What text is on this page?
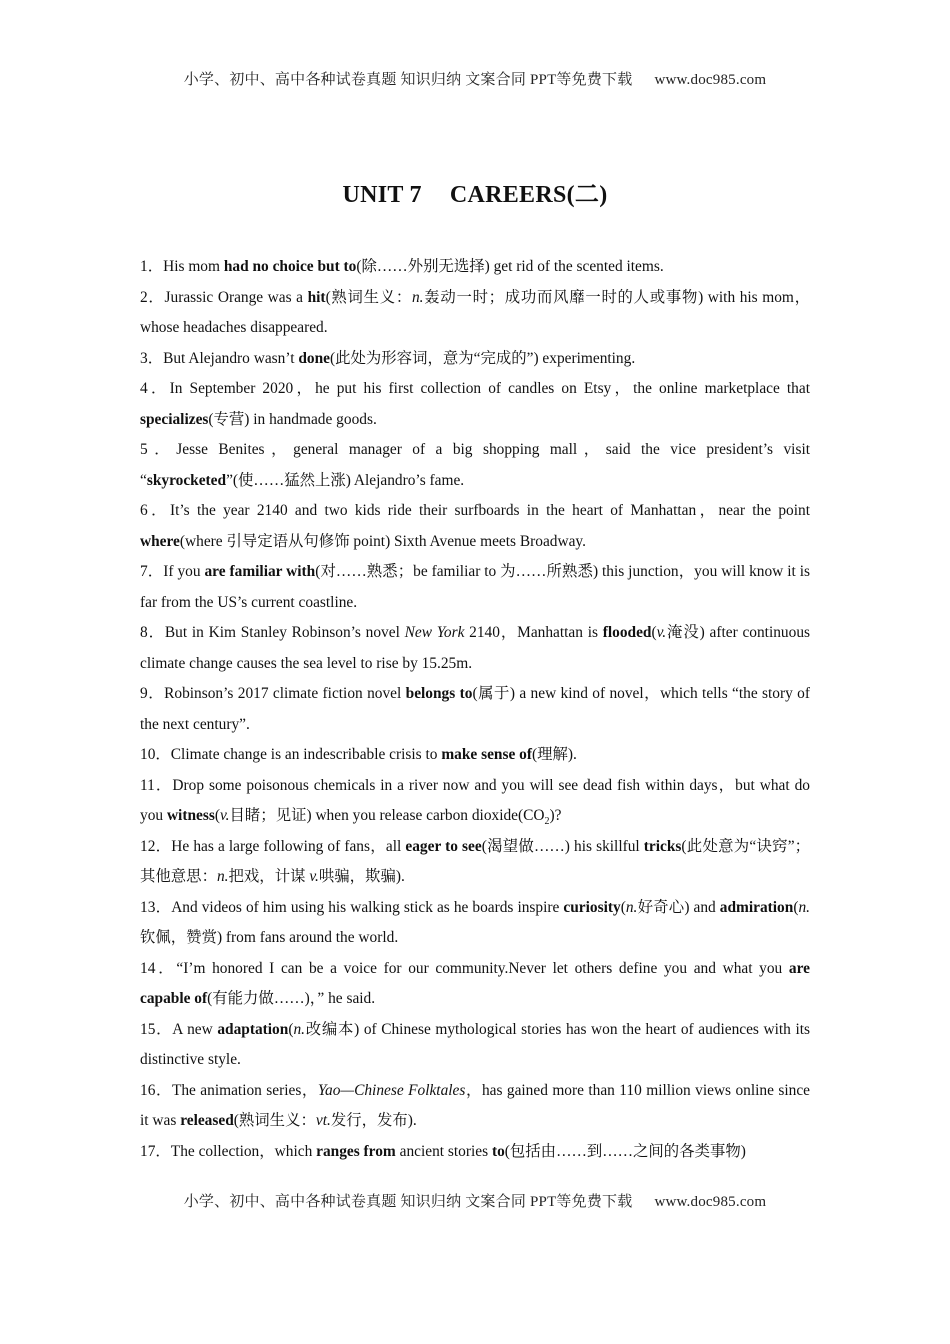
小学、初中、高中各种试卷真题 知识归纳 文案合同 PPT等免费下载 www.doc985.com
UNIT 7 CAREERS(二)

1．His mom had no choice but to(除……外别无选择) get rid of the scented items.

2．Jurassic Orange was a hit(熟词生义：n.轰动一时；成功而风靡一时的人或事物) with his mom，whose headaches disappeared.

3．But Alejandro wasn’t done(此处为形容词，意为“完成的”) experimenting.

4．In September 2020，he put his first collection of candles on Etsy，the online marketplace that specializes(专营) in handmade goods.

5．Jesse Benites，general manager of a big shopping mall，said the vice president’s visit “skyrocketed”(使……猛然上涨) Alejandro’s fame.

6．It’s the year 2140 and two kids ride their surfboards in the heart of Manhattan，near the point where(where 引导定语从句修饰 point) Sixth Avenue meets Broadway.

7．If you are familiar with(对……熟悉；be familiar to 为……所熟悉) this junction，you will know it is far from the US’s current coastline.

8．But in Kim Stanley Robinson’s novel New York 2140，Manhattan is flooded(v.淹没) after continuous climate change causes the sea level to rise by 15.25m.

9．Robinson’s 2017 climate fiction novel belongs to(属于) a new kind of novel，which tells “the story of the next century”.

10．Climate change is an indescribable crisis to make sense of(理解).

11．Drop some poisonous chemicals in a river now and you will see dead fish within days，but what do you witness(v.目睹；见证) when you release carbon $dioxide(CO_2)$?

12．He has a large following of fans，all eager to see(渴望做……) his skillful tricks(此处意为“诀窍”；其他意思：n.把戏，计谋 v.哄骗，欺骗).

13．And videos of him using his walking stick as he boards inspire curiosity(n.好奇心) and admiration(n.钦佩，赞赏) from fans around the world.

14．“I’m honored I can be a voice for our community.Never let others define you and what you are capable of(有能力做……)，” he said.

15．A new adaptation(n.改编本) of Chinese mythological stories has won the heart of audiences with its distinctive style.

16．The animation series，Yao—Chinese Folktales，has gained more than 110 million views online since it was released(熟词生义：vt.发行，发布).

17．The collection，which ranges from ancient stories to(包括由……到……之间的各类事物)

小学、初中、高中各种试卷真题 知识归纳 文案合同 PPT等免费下载 www.doc985.com
